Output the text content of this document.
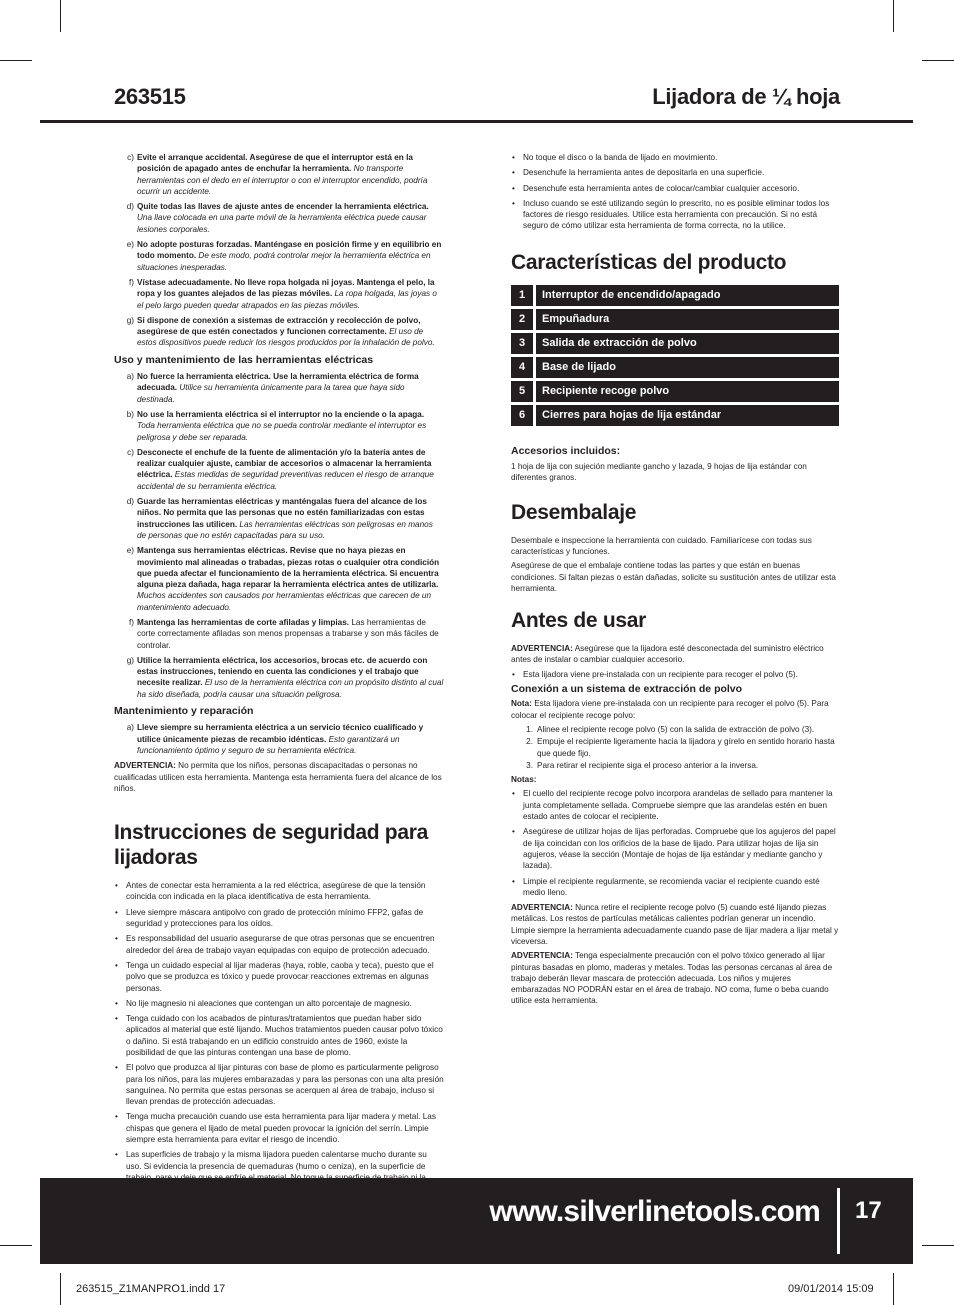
263515	Lijadora de ¼ hoja
c) Evite el arranque accidental. Asegúrese de que el interruptor está en la posición de apagado antes de enchufar la herramienta. No transporte herramientas con el dedo en el interruptor o con el interruptor encendido, podría ocurrir un accidente.
d) Quite todas las llaves de ajuste antes de encender la herramienta eléctrica. Una llave colocada en una parte móvil de la herramienta eléctrica puede causar lesiones corporales.
e) No adopte posturas forzadas. Manténgase en posición firme y en equilibrio en todo momento. De este modo, podrá controlar mejor la herramienta eléctrica en situaciones inesperadas.
f) Vístase adecuadamente. No lleve ropa holgada ni joyas. Mantenga el pelo, la ropa y los guantes alejados de las piezas móviles. La ropa holgada, las joyas o el pelo largo pueden quedar atrapados en las piezas móviles.
g) Si dispone de conexión a sistemas de extracción y recolección de polvo, asegúrese de que estén conectados y funcionen correctamente. El uso de estos dispositivos puede reducir los riesgos producidos por la inhalación de polvo.
Uso y mantenimiento de las herramientas eléctricas
a) No fuerce la herramienta eléctrica. Use la herramienta eléctrica de forma adecuada. Utilice su herramienta únicamente para la tarea que haya sido destinada.
b) No use la herramienta eléctrica si el interruptor no la enciende o la apaga. Toda herramienta eléctrica que no se pueda controlar mediante el interruptor es peligrosa y debe ser reparada.
c) Desconecte el enchufe de la fuente de alimentación y/o la batería antes de realizar cualquier ajuste, cambiar de accesorios o almacenar la herramienta eléctrica. Estas medidas de seguridad preventivas reducen el riesgo de arranque accidental de su herramienta eléctrica.
d) Guarde las herramientas eléctricas y manténgalas fuera del alcance de los niños. No permita que las personas que no estén familiarizadas con estas instrucciones las utilicen. Las herramientas eléctricas son peligrosas en manos de personas que no estén capacitadas para su uso.
e) Mantenga sus herramientas eléctricas. Revise que no haya piezas en movimiento mal alineadas o trabadas, piezas rotas o cualquier otra condición que pueda afectar el funcionamiento de la herramienta eléctrica. Si encuentra alguna pieza dañada, haga reparar la herramienta eléctrica antes de utilizarla. Muchos accidentes son causados por herramientas eléctricas que carecen de un mantenimiento adecuado.
f) Mantenga las herramientas de corte afiladas y limpias. Las herramientas de corte correctamente afiladas son menos propensas a trabarse y son más fáciles de controlar.
g) Utilice la herramienta eléctrica, los accesorios, brocas etc. de acuerdo con estas instrucciones, teniendo en cuenta las condiciones y el trabajo que necesite realizar. El uso de la herramienta eléctrica con un propósito distinto al cual ha sido diseñada, podría causar una situación peligrosa.
Mantenimiento y reparación
a) Lleve siempre su herramienta eléctrica a un servicio técnico cualificado y utilice únicamente piezas de recambio idénticas. Esto garantizará un funcionamiento óptimo y seguro de su herramienta eléctrica.

ADVERTENCIA: No permita que los niños, personas discapacitadas o personas no cualificadas utilicen esta herramienta. Mantenga esta herramienta fuera del alcance de los niños.

Instrucciones de seguridad para lijadoras
• Antes de conectar esta herramienta a la red eléctrica, asegúrese de que la tensión coincida con indicada en la placa identificativa de esta herramienta.
• Lleve siempre máscara antipolvo con grado de protección mínimo FFP2, gafas de seguridad y protecciones para los oídos.
• Es responsabilidad del usuario asegurarse de que otras personas que se encuentren alrededor del área de trabajo vayan equipadas con equipo de protección adecuado.
• Tenga un cuidado especial al lijar maderas (haya, roble, caoba y teca), puesto que el polvo que se produzca es tóxico y puede provocar reacciones extremas en algunas personas.
• No lije magnesio ni aleaciones que contengan un alto porcentaje de magnesio.
• Tenga cuidado con los acabados de pinturas/tratamientos que puedan haber sido aplicados al material que esté lijando. Muchos tratamientos pueden causar polvo tóxico o dañino. Si está trabajando en un edificio construido antes de 1960, existe la posibilidad de que las pinturas contengan una base de plomo.
• El polvo que produzca al lijar pinturas con base de plomo es particularmente peligroso para los niños, para las mujeres embarazadas y para las personas con una alta presión sanguínea. No permita que estas personas se acerquen al área de trabajo, incluso si llevan prendas de protección adecuadas.
• Tenga mucha precaución cuando use esta herramienta para lijar madera y metal. Las chispas que genera el lijado de metal pueden provocar la ignición del serrín. Limpie siempre esta herramienta para evitar el riesgo de incendio.
• Las superficies de trabajo y la misma lijadora pueden calentarse mucho durante su uso. Si evidencia la presencia de quemaduras (humo o ceniza), en la superficie de
• No toque el disco o la banda de lijado en movimiento.
• Desenchufe la herramienta antes de depositarla en una superficie.
• Desenchufe esta herramienta antes de colocar/cambiar cualquier accesorio.
• Incluso cuando se esté utilizando según lo prescrito, no es posible eliminar todos los factores de riesgo residuales. Utilice esta herramienta con precaución. Si no está seguro de cómo utilizar esta herramienta de forma correcta, no la utilice.
Características del producto
1	Interruptor de encendido/apagado
2	Empuñadura
3	Salida de extracción de polvo
4	Base de lijado
5	Recipiente recoge polvo
6	Cierres para hojas de lija estándar
Accesorios incluidos:

1 hoja de lija con sujeción mediante gancho y lazada, 9 hojas de lija estándar con diferentes granos.

Desembalaje

Desembale e inspeccione la herramienta con cuidado. Familiarícese con todas sus características y funciones.

Asegúrese de que el embalaje contiene todas las partes y que están en buenas condiciones. Si faltan piezas o están dañadas, solicite su sustitución antes de utilizar esta herramienta.

Antes de usar

ADVERTENCIA: Asegúrese que la lijadora esté desconectada del suministro eléctrico antes de instalar o cambiar cualquier accesorio.

• Esta lijadora viene pre-instalada con un recipiente para recoger el polvo (5).
Conexión a un sistema de extracción de polvo

Nota: Esta lijadora viene pre-instalada con un recipiente para recoger el polvo (5). Para colocar el recipiente recoge polvo:

1. Alinee el recipiente recoge polvo (5) con la salida de extracción de polvo (3).
2. Empuje el recipiente ligeramente hacia la lijadora y gírelo en sentido horario hasta que quede fijo.
3. Para retirar el recipiente siga el proceso anterior a la inversa.
Notas:
• El cuello del recipiente recoge polvo incorpora arandelas de sellado para mantener la junta completamente sellada. Compruebe siempre que las arandelas estén en buen estado antes de colocar el recipiente.
• Asegúrese de utilizar hojas de lijas perforadas. Compruebe que los agujeros del papel de lija coincidan con los orificios de la base de lijado. Para utilizar hojas de lija sin agujeros, véase la sección (Montaje de hojas de lija estándar y mediante gancho y lazada).
• Limpie el recipiente regularmente, se recomienda vaciar el recipiente cuando esté medio lleno.

ADVERTENCIA: Nunca retire el recipiente recoge polvo (5) cuando esté lijando piezas metálicas. Los restos de partículas metálicas calientes podrían generar un incendio. Limpie siempre la herramienta adecuadamente cuando pase de lijar madera a lijar metal y viceversa.

ADVERTENCIA: Tenga especialmente precaución con el polvo tóxico generado al lijar pinturas basadas en plomo, maderas y metales. Todas las personas cercanas al área de trabajo deberán llevar mascara de protección adecuada. Los niños y mujeres embarazadas NO PODRÁN estar en el área de trabajo. NO coma, fume o beba cuando utilice esta herramienta.

www.silverlinetools.com 17
263515_Z1MANPRO1.indd 17	09/01/2014 15:09
